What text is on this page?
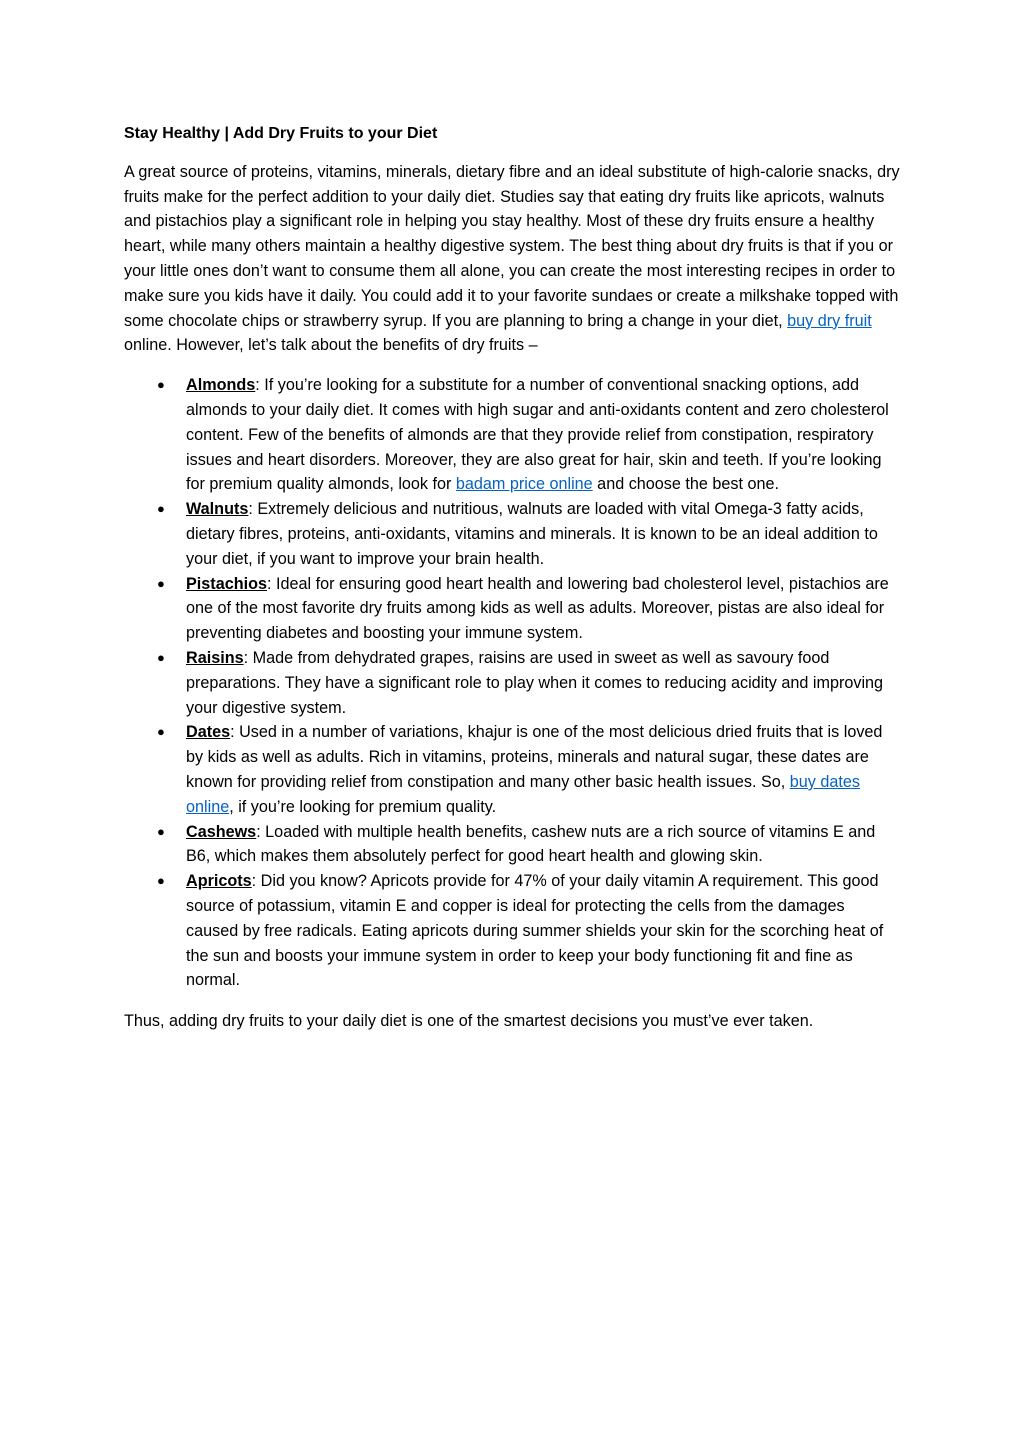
Stay Healthy | Add Dry Fruits to your Diet

A great source of proteins, vitamins, minerals, dietary fibre and an ideal substitute of high-calorie snacks, dry fruits make for the perfect addition to your daily diet. Studies say that eating dry fruits like apricots, walnuts and pistachios play a significant role in helping you stay healthy. Most of these dry fruits ensure a healthy heart, while many others maintain a healthy digestive system. The best thing about dry fruits is that if you or your little ones don’t want to consume them all alone, you can create the most interesting recipes in order to make sure you kids have it daily. You could add it to your favorite sundaes or create a milkshake topped with some chocolate chips or strawberry syrup. If you are planning to bring a change in your diet, buy dry fruit online. However, let’s talk about the benefits of dry fruits –

● Almonds: If you’re looking for a substitute for a number of conventional snacking options, add almonds to your daily diet. It comes with high sugar and anti-oxidants content and zero cholesterol content. Few of the benefits of almonds are that they provide relief from constipation, respiratory issues and heart disorders. Moreover, they are also great for hair, skin and teeth. If you’re looking for premium quality almonds, look for badam price online and choose the best one.
● Walnuts: Extremely delicious and nutritious, walnuts are loaded with vital Omega-3 fatty acids, dietary fibres, proteins, anti-oxidants, vitamins and minerals. It is known to be an ideal addition to your diet, if you want to improve your brain health.
● Pistachios: Ideal for ensuring good heart health and lowering bad cholesterol level, pistachios are one of the most favorite dry fruits among kids as well as adults. Moreover, pistas are also ideal for preventing diabetes and boosting your immune system.
● Raisins: Made from dehydrated grapes, raisins are used in sweet as well as savoury food preparations. They have a significant role to play when it comes to reducing acidity and improving your digestive system.
● Dates: Used in a number of variations, khajur is one of the most delicious dried fruits that is loved by kids as well as adults. Rich in vitamins, proteins, minerals and natural sugar, these dates are known for providing relief from constipation and many other basic health issues. So, buy dates online, if you’re looking for premium quality.
● Cashews: Loaded with multiple health benefits, cashew nuts are a rich source of vitamins E and B6, which makes them absolutely perfect for good heart health and glowing skin.
● Apricots: Did you know? Apricots provide for 47% of your daily vitamin A requirement. This good source of potassium, vitamin E and copper is ideal for protecting the cells from the damages caused by free radicals. Eating apricots during summer shields your skin for the scorching heat of the sun and boosts your immune system in order to keep your body functioning fit and fine as normal.

Thus, adding dry fruits to your daily diet is one of the smartest decisions you must’ve ever taken.
